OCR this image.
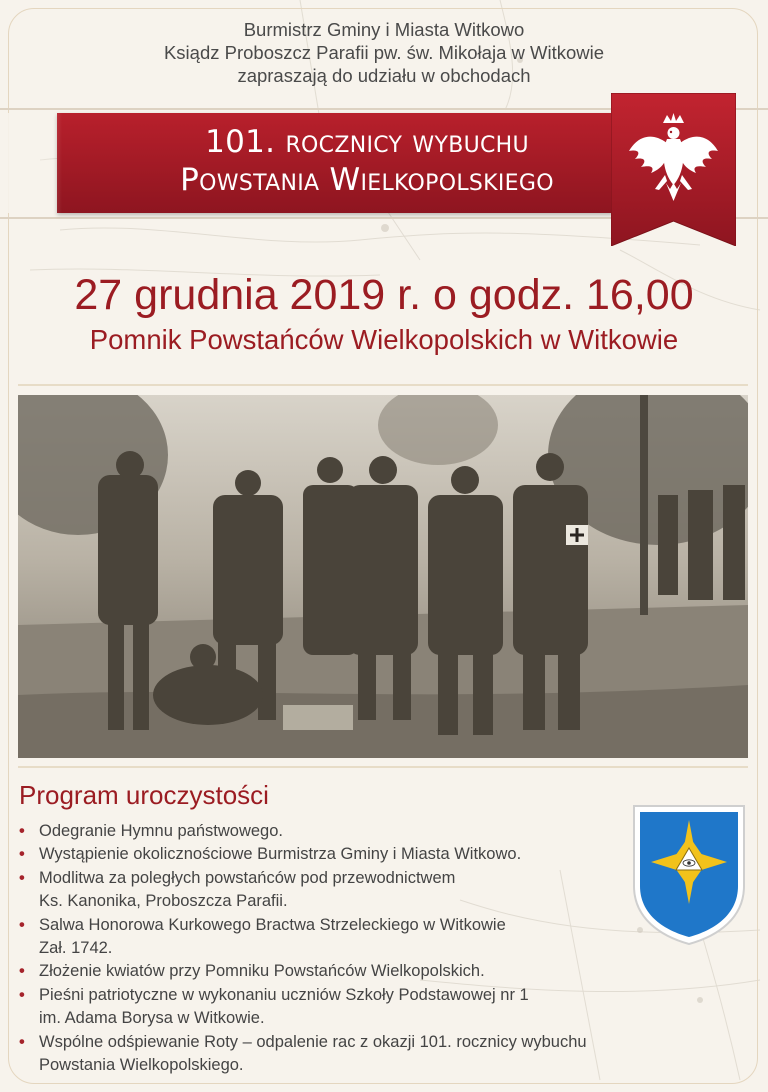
Burmistrz Gminy i Miasta Witkowo
Ksiądz Proboszcz Parafii pw. św. Mikołaja w Witkowie
zapraszają do udziału w obchodach
101. rocznicy wybuchu
Powstania Wielkopolskiego
27 grudnia 2019 r. o godz. 16,00
Pomnik Powstańców Wielkopolskich w Witkowie
Program uroczystości
• Odegranie Hymnu państwowego.
• Wystąpienie okolicznościowe Burmistrza Gminy i Miasta Witkowo.
• Modlitwa za poległych powstańców pod przewodnictwem
Ks. Kanonika, Proboszcza Parafii.
• Salwa Honorowa Kurkowego Bractwa Strzeleckiego w Witkowie
Zał. 1742.
• Złożenie kwiatów przy Pomniku Powstańców Wielkopolskich.
• Pieśni patriotyczne w wykonaniu uczniów Szkoły Podstawowej nr 1
im. Adama Borysa w Witkowie.
• Wspólne odśpiewanie Roty – odpalenie rac z okazji 101. rocznicy wybuchu
Powstania Wielkopolskiego.
